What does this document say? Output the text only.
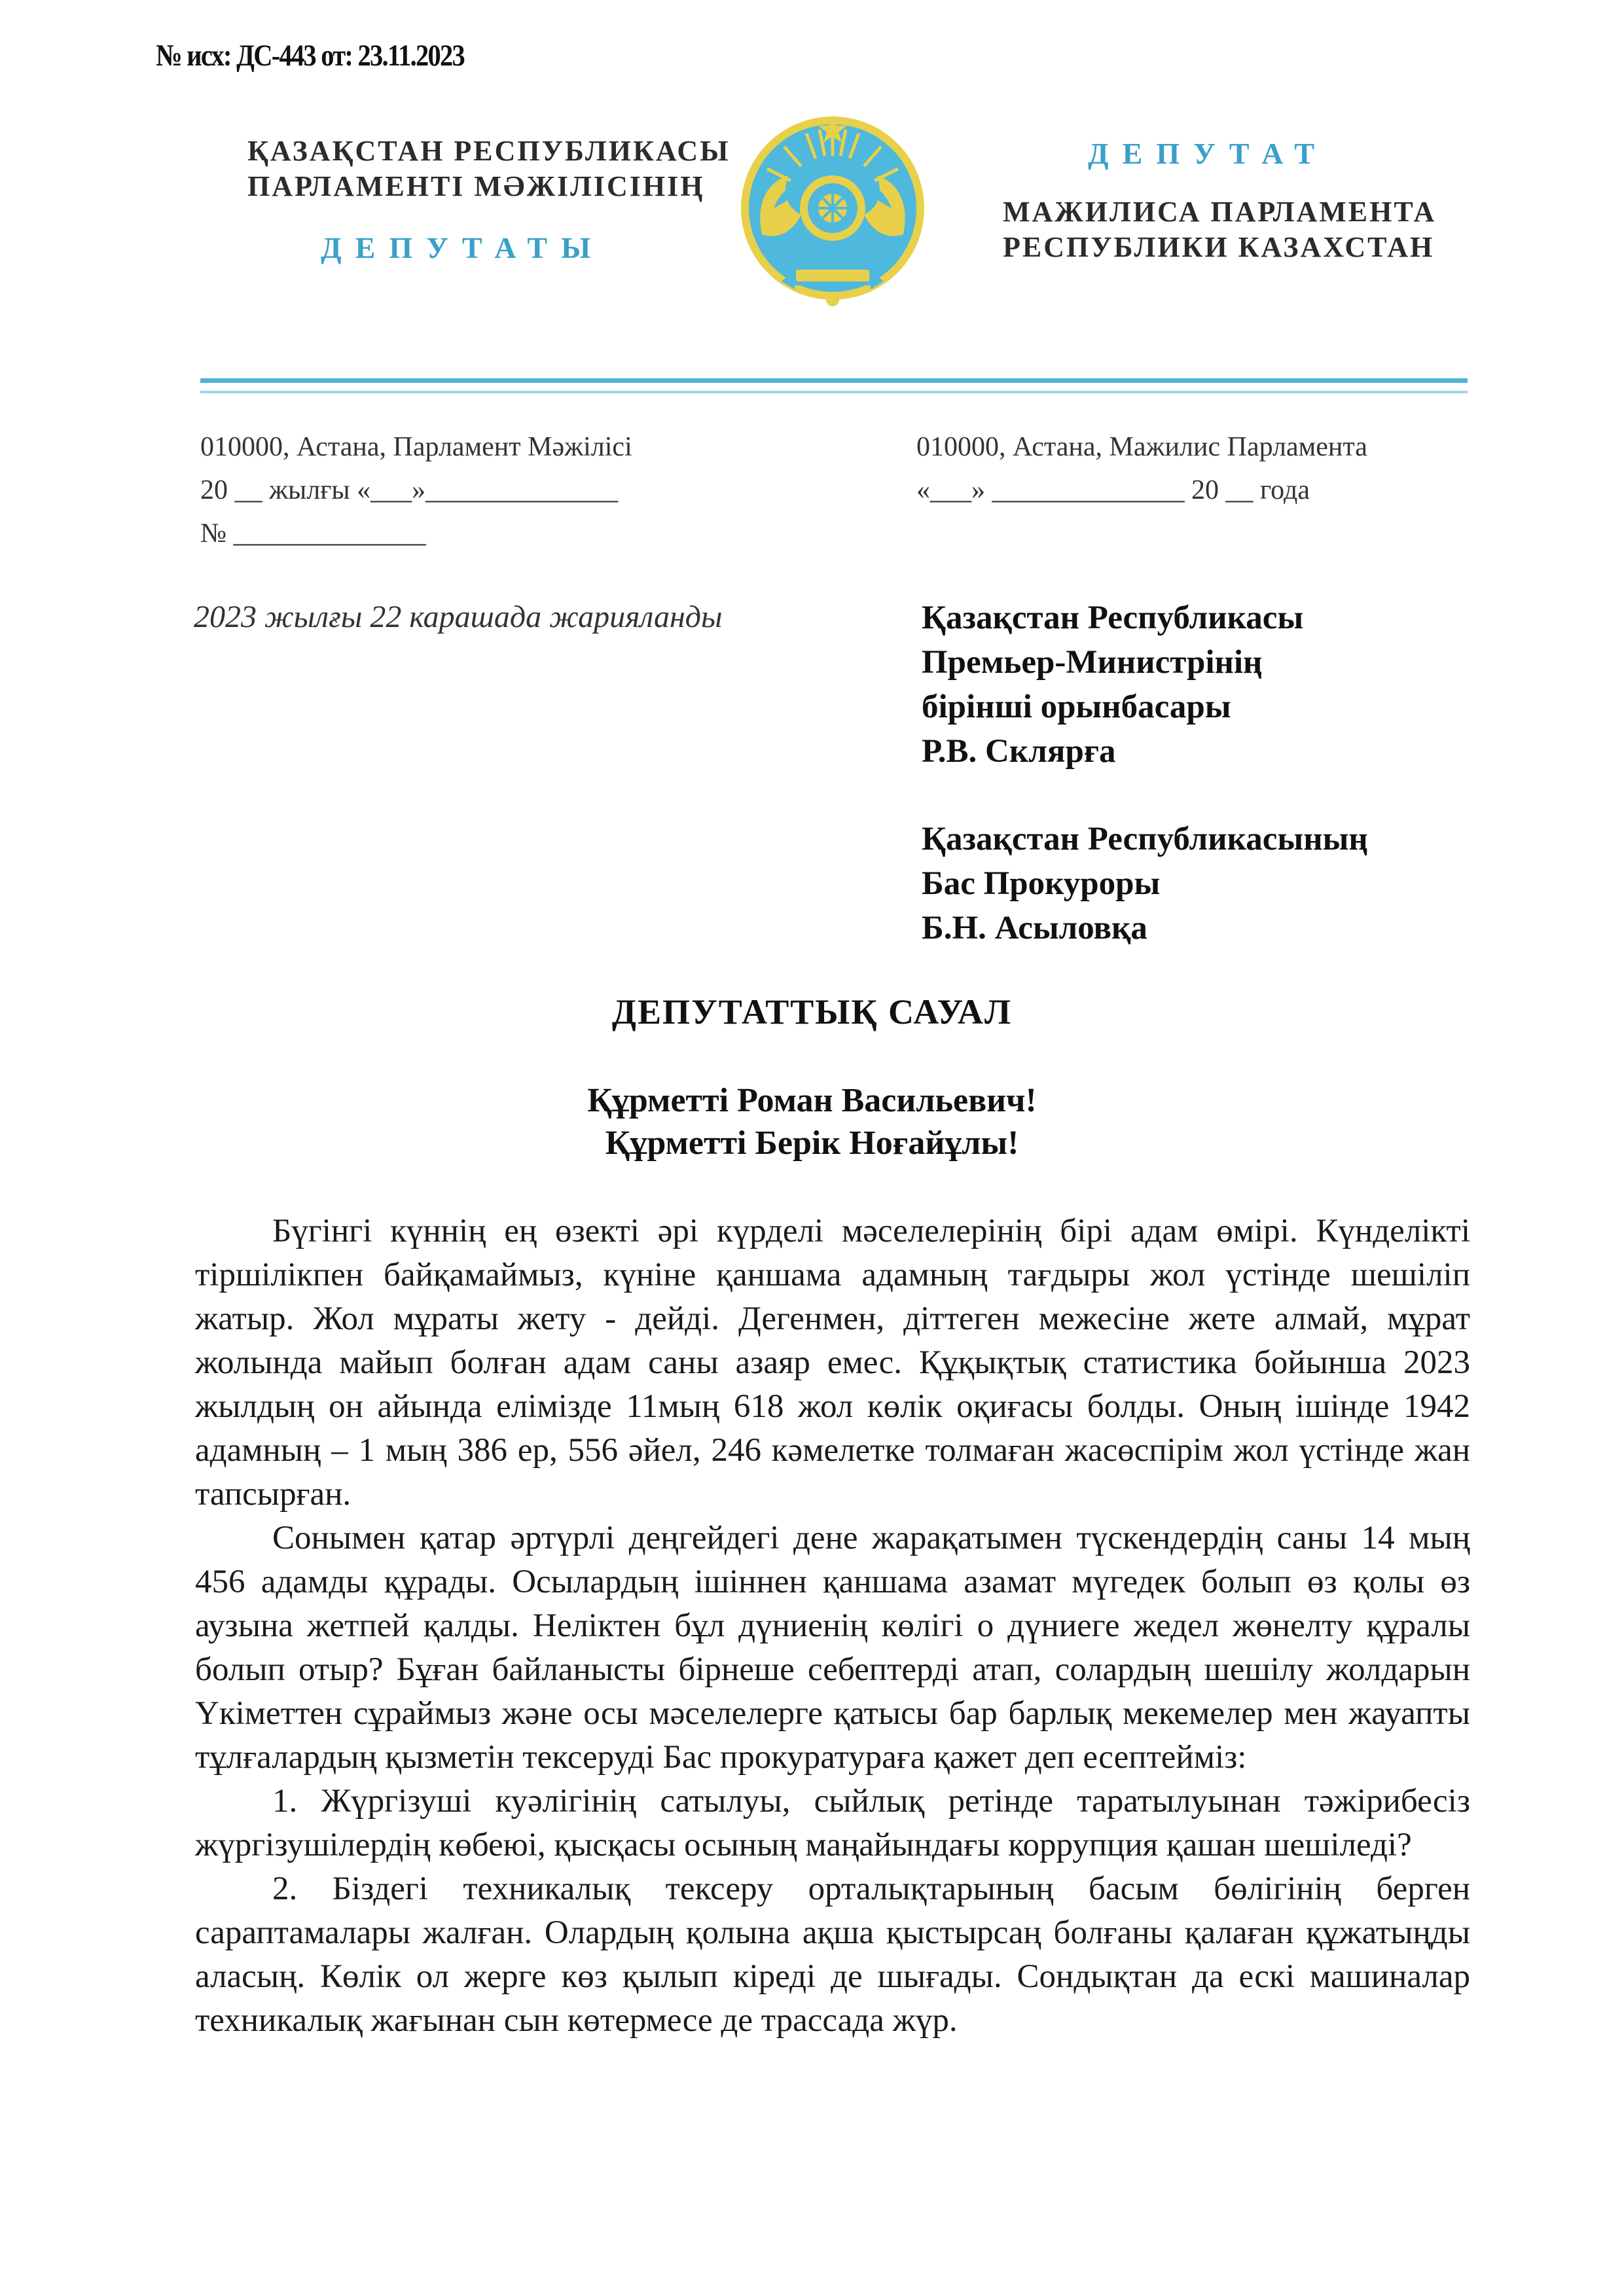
№ исх: ДС-443 от: 23.11.2023
ҚАЗАҚСТАН РЕСПУБЛИКАСЫ
ПАРЛАМЕНТІ МӘЖІЛІСІНІҢ
ДЕПУТАТЫ
ДЕПУТАТ
МАЖИЛИСА ПАРЛАМЕНТА
РЕСПУБЛИКИ КАЗАХСТАН
010000, Астана, Парламент Мәжілісі
20 __ жылғы «___»______________
№ ______________
010000, Астана, Мажилис Парламента
«___» ______________ 20 __ года
2023 жылғы 22 карашада жарияланды	Қазақстан Республикасы
Премьер-Министрінің
бірінші орынбасары
Р.В. Склярға
Қазақстан Республикасының
Бас Прокуроры
Б.Н. Асыловқа
ДЕПУТАТТЫҚ САУАЛ
Құрметті Роман Васильевич!
Құрметті Берік Ноғайұлы!

Бүгінгі күннің ең өзекті әрі күрделі мәселелерінің бірі адам өмірі. Күнделікті тіршілікпен байқамаймыз, күніне қаншама адамның тағдыры жол үстінде шешіліп жатыр. Жол мұраты жету - дейді. Дегенмен, діттеген межесіне жете алмай, мұрат жолында майып болған адам саны азаяр емес. Құқықтық статистика бойынша 2023 жылдың он айында елімізде 11мың 618 жол көлік оқиғасы болды. Оның ішінде 1942 адамның – 1 мың 386 ер, 556 әйел, 246 кәмелетке толмаған жасөспірім жол үстінде жан тапсырған.

Сонымен қатар әртүрлі деңгейдегі дене жарақатымен түскендердің саны 14 мың 456 адамды құрады. Осылардың ішіннен қаншама азамат мүгедек болып өз қолы өз аузына жетпей қалды. Неліктен бұл дүниенің көлігі о дүниеге жедел жөнелту құралы болып отыр? Бұған байланысты бірнеше себептерді атап, солардың шешілу жолдарын Үкіметтен сұраймыз және осы мәселелерге қатысы бар барлық мекемелер мен жауапты тұлғалардың қызметін тексеруді Бас прокуратураға қажет деп есептейміз:

1. Жүргізуші куәлігінің сатылуы, сыйлық ретінде таратылуынан тәжірибесіз жүргізушілердің көбеюі, қысқасы осының маңайындағы коррупция қашан шешіледі?

2. Біздегі техникалық тексеру орталықтарының басым бөлігінің берген сараптамалары жалған. Олардың қолына ақша қыстырсаң болғаны қалаған құжатыңды аласың. Көлік ол жерге көз қылып кіреді де шығады. Сондықтан да ескі машиналар техникалық жағынан сын көтермесе де трассада жүр.
